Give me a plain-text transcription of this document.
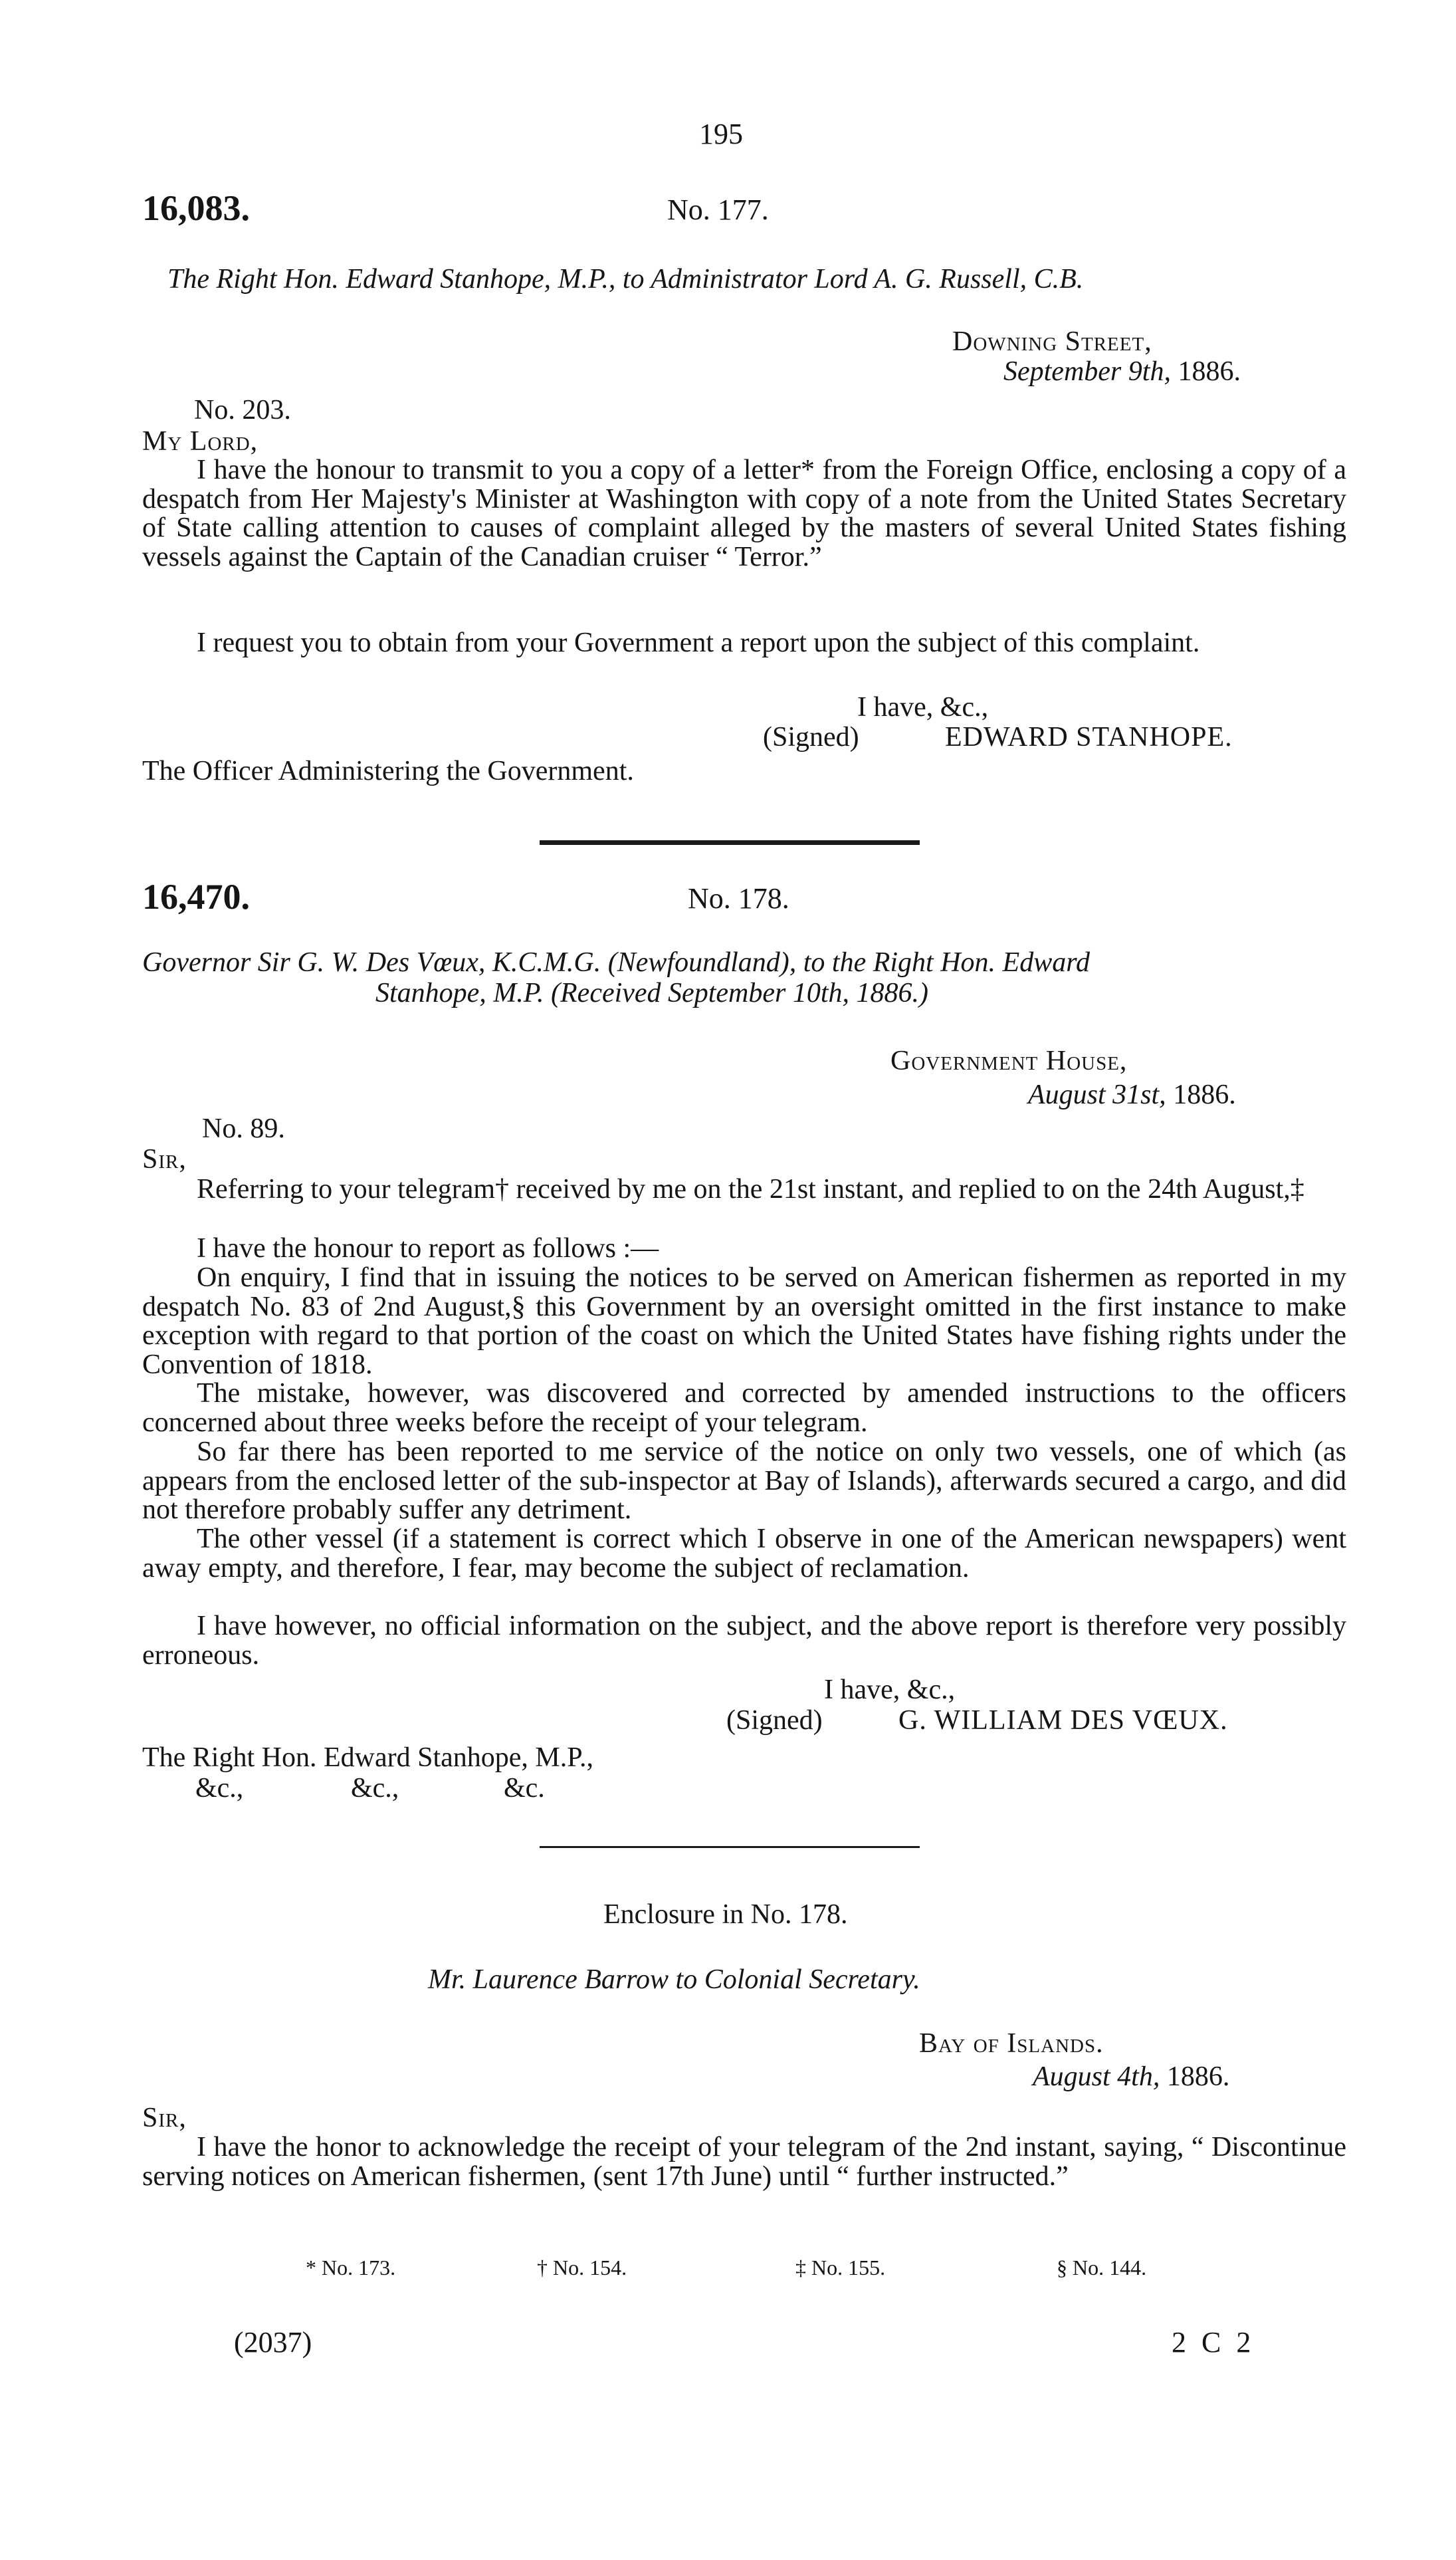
195
16,083.	No. 177.
The Right Hon. Edward Stanhope, M.P., to Administrator Lord A. G. Russell, C.B.
Downing Street,
September 9th, 1886.
No. 203.
My Lord,

I have the honour to transmit to you a copy of a letter* from the Foreign Office, enclosing a copy of a despatch from Her Majesty's Minister at Washington with copy of a note from the United States Secretary of State calling attention to causes of complaint alleged by the masters of several United States fishing vessels against the Captain of the Canadian cruiser “ Terror.”

I request you to obtain from your Government a report upon the subject of this complaint.

I have, &c.,
(Signed)	EDWARD STANHOPE.
The Officer Administering the Government.
16,470.	No. 178.
Governor Sir G. W. Des Vœux, K.C.M.G. (Newfoundland), to the Right Hon. Edward
Stanhope, M.P. (Received September 10th, 1886.)
Government House,
August 31st, 1886.
No. 89.
Sir,

Referring to your telegram† received by me on the 21st instant, and replied to on the 24th August,‡

I have the honour to report as follows :—

On enquiry, I find that in issuing the notices to be served on American fishermen as reported in my despatch No. 83 of 2nd August,§ this Government by an oversight omitted in the first instance to make exception with regard to that portion of the coast on which the United States have fishing rights under the Convention of 1818.

The mistake, however, was discovered and corrected by amended instructions to the officers concerned about three weeks before the receipt of your telegram.

So far there has been reported to me service of the notice on only two vessels, one of which (as appears from the enclosed letter of the sub-inspector at Bay of Islands), afterwards secured a cargo, and did not therefore probably suffer any detriment.

The other vessel (if a statement is correct which I observe in one of the American newspapers) went away empty, and therefore, I fear, may become the subject of reclamation.

I have however, no official information on the subject, and the above report is therefore very possibly erroneous.

I have, &c.,
(Signed)	G. WILLIAM DES VŒUX.
The Right Hon. Edward Stanhope, M.P.,
&c.,	&c.,	&c.
Enclosure in No. 178.
Mr. Laurence Barrow to Colonial Secretary.
Bay of Islands.
August 4th, 1886.
Sir,

I have the honor to acknowledge the receipt of your telegram of the 2nd instant, saying, “ Discontinue serving notices on American fishermen, (sent 17th June) until “ further instructed.”

* No. 173.	† No. 154.	‡ No. 155.	§ No. 144.
(2037)	2 C 2
